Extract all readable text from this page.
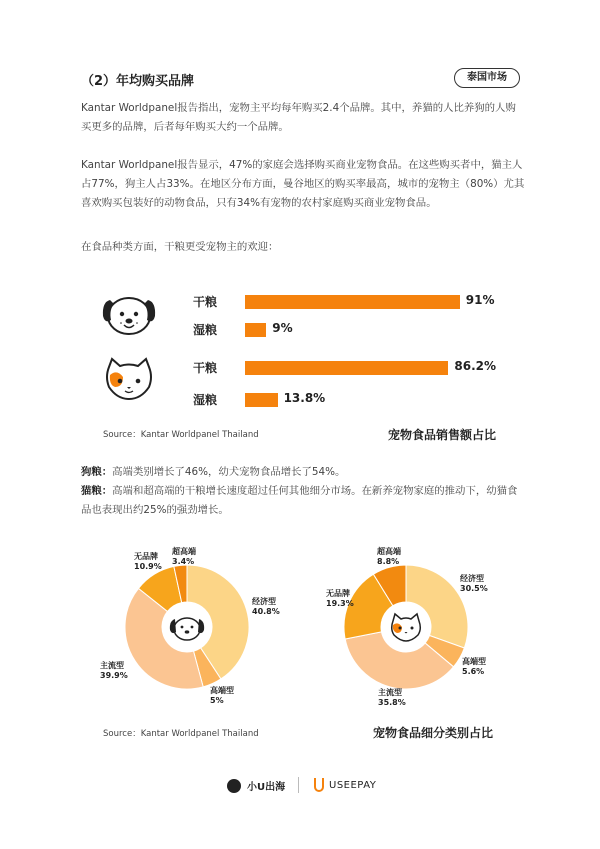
（2）年均购买品牌	泰国市场

Kantar Worldpanel报告指出，宠物主平均每年购买2.4个品牌。其中，养猫的人比养狗的人购买更多的品牌，后者每年购买大约一个品牌。

Kantar Worldpanel报告显示，47%的家庭会选择购买商业宠物食品。在这些购买者中，猫主人占77%，狗主人占33%。在地区分布方面，曼谷地区的购买率最高，城市的宠物主（80%）尤其喜欢购买包装好的动物食品，只有34%有宠物的农村家庭购买商业宠物食品。

在食品种类方面，干粮更受宠物主的欢迎：

干粮	91%
湿粮	9%
干粮	86.2%
湿粮	13.8%
Source：Kantar Worldpanel Thailand	宠物食品销售额占比
狗粮：高端类别增长了46%，幼犬宠物食品增长了54%。
猫粮：高端和超高端的干粮增长速度超过任何其他细分市场。在新养宠物家庭的推动下，幼猫食品也表现出约25%的强劲增长。
经济型
40.8%
高端型
5%
主流型
39.9%
无品牌
10.9%
超高端
3.4%
经济型
30.5%
高端型
5.6%
主流型
35.8%
无品牌
19.3%
超高端
8.8%
Source：Kantar Worldpanel Thailand	宠物食品细分类别占比
小U出海	USEEPAY
